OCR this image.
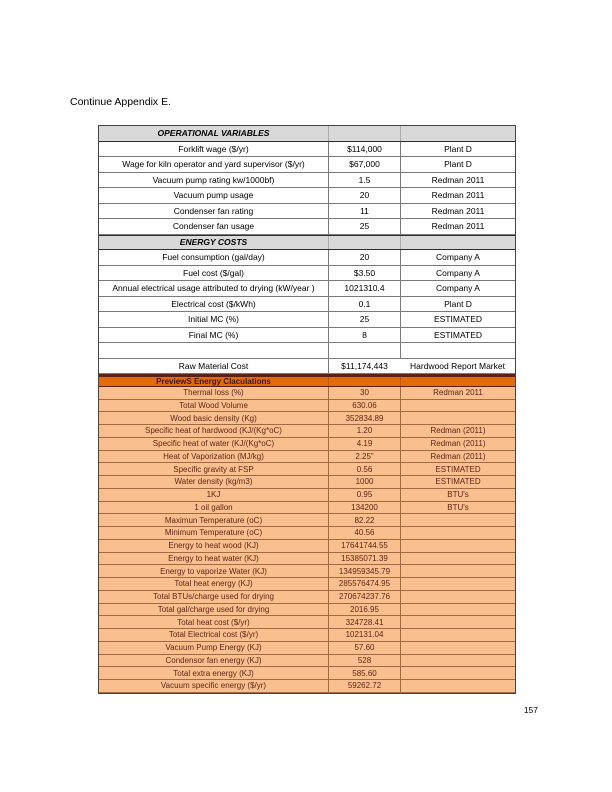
Continue Appendix E.
OPERATIONAL VARIABLES
Forklift wage ($/yr)	$114,000	Plant D
Wage for kiln operator and yard supervisor ($/yr)	$67,000	Plant D
Vacuum pump rating kw/1000bf)	1.5	Redman 2011
Vacuum pump usage	20	Redman 2011
Condenser fan rating	11	Redman 2011
Condenser fan usage	25	Redman 2011
ENERGY COSTS
Fuel consumption (gal/day)	20	Company A
Fuel cost ($/gal)	$3.50	Company A
Annual electrical usage attributed to drying (kW/year )	1021310.4	Company A
Electrical cost ($/kWh)	0.1	Plant D
Initial MC (%)	25	ESTIMATED
Final MC (%)	8	ESTIMATED
Raw Material Cost	$11,174,443	Hardwood Report Market
PreviewS Energy Claculations
Thermal loss (%)	30	Redman 2011
Total Wood Volume	630.06
Wood basic density (Kg)	352834.89
Specific heat of hardwood (KJ/(Kg*oC)	1.20	Redman (2011)
Specific heat of water (KJ/(Kg*oC)	4.19	Redman (2011)
Heat of Vaporization (MJ/kg)	2.25”	Redman (2011)
Specific gravity at FSP	0.56	ESTIMATED
Water density (kg/m3)	1000	ESTIMATED
1KJ	0.95	BTU's
1 oil gallon	134200	BTU's
Maximun Temperature (oC)	82.22
Minimum Temperature (oC)	40.56
Energy to heat wood (KJ)	17641744.55
Energy to heat water (KJ)	15385071.39
Energy to vaporize Water (KJ)	134959345.79
Total heat energy (KJ)	285576474.95
Total BTUs/charge used for drying	270674237.76
Total gal/charge used for drying	2016.95
Total heat cost ($/yr)	324728.41
Total Electrical cost ($/yr)	102131.04
Vacuum Pump Energy (KJ)	57.60
Condensor fan energy (KJ)	528
Total extra energy (KJ)	585.60
Vacuum specific energy ($/yr)	59262.72
157
